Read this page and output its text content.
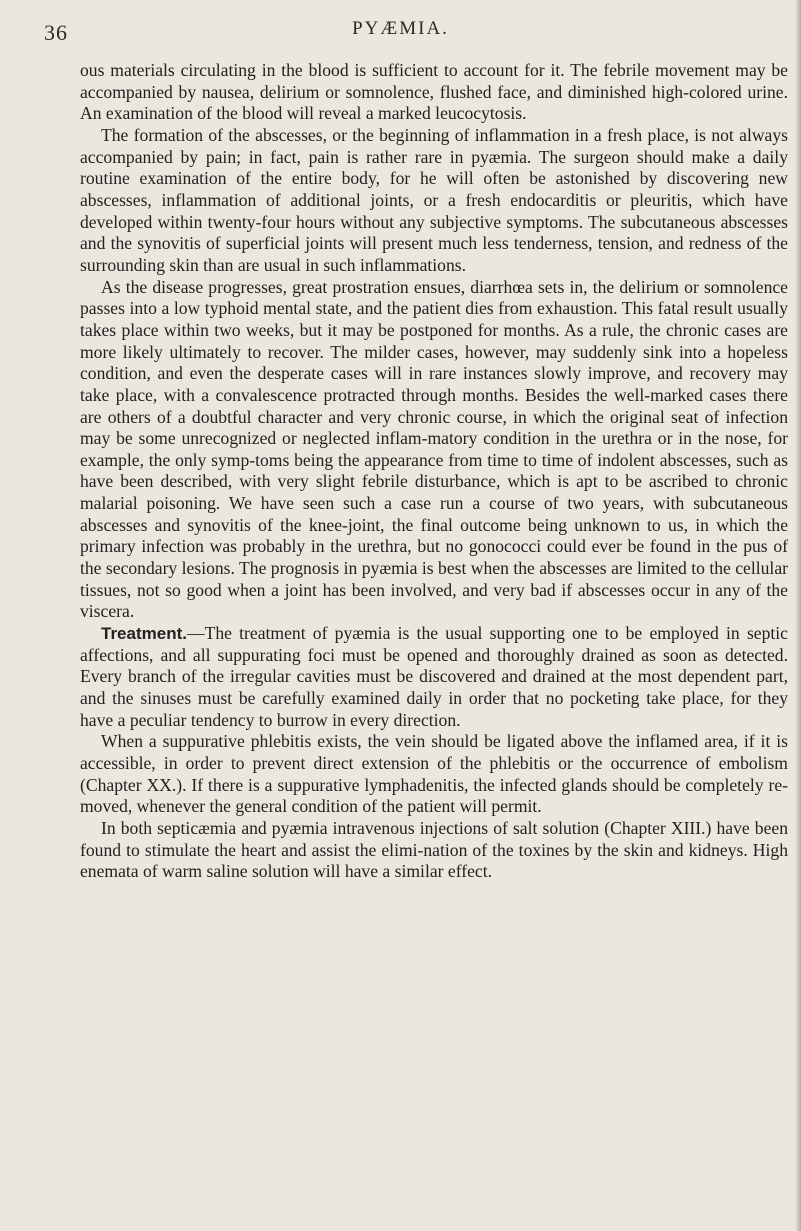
36	PYÆMIA.

ous materials circulating in the blood is sufficient to account for it. The febrile movement may be accompanied by nausea, delirium or somnolence, flushed face, and diminished high-colored urine. An examination of the blood will reveal a marked leucocytosis.

The formation of the abscesses, or the beginning of inflammation in a fresh place, is not always accompanied by pain; in fact, pain is rather rare in pyæmia. The surgeon should make a daily routine examination of the entire body, for he will often be astonished by discovering new abscesses, inflammation of additional joints, or a fresh endocarditis or pleuritis, which have developed within twenty-four hours without any subjective symptoms. The subcutaneous abscesses and the synovitis of superficial joints will present much less tenderness, tension, and redness of the surrounding skin than are usual in such inflammations.

As the disease progresses, great prostration ensues, diarrhœa sets in, the delirium or somnolence passes into a low typhoid mental state, and the patient dies from exhaustion. This fatal result usually takes place within two weeks, but it may be postponed for months. As a rule, the chronic cases are more likely ultimately to recover. The milder cases, however, may suddenly sink into a hopeless condition, and even the desperate cases will in rare instances slowly improve, and recovery may take place, with a convalescence protracted through months. Besides the well-marked cases there are others of a doubtful character and very chronic course, in which the original seat of infection may be some unrecognized or neglected inflam-matory condition in the urethra or in the nose, for example, the only symp-toms being the appearance from time to time of indolent abscesses, such as have been described, with very slight febrile disturbance, which is apt to be ascribed to chronic malarial poisoning. We have seen such a case run a course of two years, with subcutaneous abscesses and synovitis of the knee-joint, the final outcome being unknown to us, in which the primary infection was probably in the urethra, but no gonococci could ever be found in the pus of the secondary lesions. The prognosis in pyæmia is best when the abscesses are limited to the cellular tissues, not so good when a joint has been involved, and very bad if abscesses occur in any of the viscera.

Treatment.—The treatment of pyæmia is the usual supporting one to be employed in septic affections, and all suppurating foci must be opened and thoroughly drained as soon as detected. Every branch of the irregular cavities must be discovered and drained at the most dependent part, and the sinuses must be carefully examined daily in order that no pocketing take place, for they have a peculiar tendency to burrow in every direction.

When a suppurative phlebitis exists, the vein should be ligated above the inflamed area, if it is accessible, in order to prevent direct extension of the phlebitis or the occurrence of embolism (Chapter XX.). If there is a suppurative lymphadenitis, the infected glands should be completely re-moved, whenever the general condition of the patient will permit.

In both septicæmia and pyæmia intravenous injections of salt solution (Chapter XIII.) have been found to stimulate the heart and assist the elimi-nation of the toxines by the skin and kidneys. High enemata of warm saline solution will have a similar effect.
